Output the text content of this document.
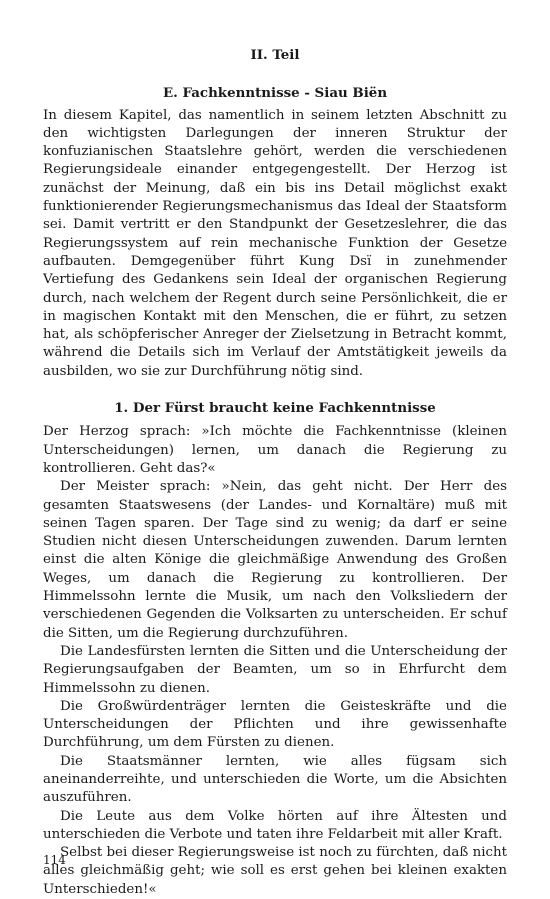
II. Teil
E. Fachkenntnisse - Siau Biën

In diesem Kapitel, das namentlich in seinem letzten Abschnitt zu den wichtigsten Darlegungen der inneren Struktur der konfuzianischen Staatslehre gehört, werden die verschiedenen Regierungsideale einander entgegengestellt. Der Herzog ist zunächst der Meinung, daß ein bis ins Detail möglichst exakt funktionierender Regierungsmechanismus das Ideal der Staatsform sei. Damit vertritt er den Standpunkt der Gesetzeslehrer, die das Regierungssystem auf rein mechanische Funktion der Gesetze aufbauten. Demgegenüber führt Kung Dsï in zunehmender Vertiefung des Gedankens sein Ideal der organischen Regierung durch, nach welchem der Regent durch seine Persönlichkeit, die er in magischen Kontakt mit den Menschen, die er führt, zu setzen hat, als schöpferischer Anreger der Zielsetzung in Betracht kommt, während die Details sich im Verlauf der Amtstätigkeit jeweils da ausbilden, wo sie zur Durchführung nötig sind.

1. Der Fürst braucht keine Fachkenntnisse

Der Herzog sprach: »Ich möchte die Fachkenntnisse (kleinen Unterscheidungen) lernen, um danach die Regierung zu kontrollieren. Geht das?«

Der Meister sprach: »Nein, das geht nicht. Der Herr des gesamten Staatswesens (der Landes- und Kornaltäre) muß mit seinen Tagen sparen. Der Tage sind zu wenig; da darf er seine Studien nicht diesen Unterscheidungen zuwenden. Darum lernten einst die alten Könige die gleichmäßige Anwendung des Großen Weges, um danach die Regierung zu kontrollieren. Der Himmelssohn lernte die Musik, um nach den Volksliedern der verschiedenen Gegenden die Volksarten zu unterscheiden. Er schuf die Sitten, um die Regierung durchzuführen.

Die Landesfürsten lernten die Sitten und die Unterscheidung der Regierungsaufgaben der Beamten, um so in Ehrfurcht dem Himmelssohn zu dienen.

Die Großwürdenträger lernten die Geisteskräfte und die Unterscheidungen der Pflichten und ihre gewissenhafte Durchführung, um dem Fürsten zu dienen.

Die Staatsmänner lernten, wie alles fügsam sich aneinanderreihte, und unterschieden die Worte, um die Absichten auszuführen.

Die Leute aus dem Volke hörten auf ihre Ältesten und unterschieden die Verbote und taten ihre Feldarbeit mit aller Kraft.

Selbst bei dieser Regierungsweise ist noch zu fürchten, daß nicht alles gleichmäßig geht; wie soll es erst gehen bei kleinen exakten Unterschieden!«

114
